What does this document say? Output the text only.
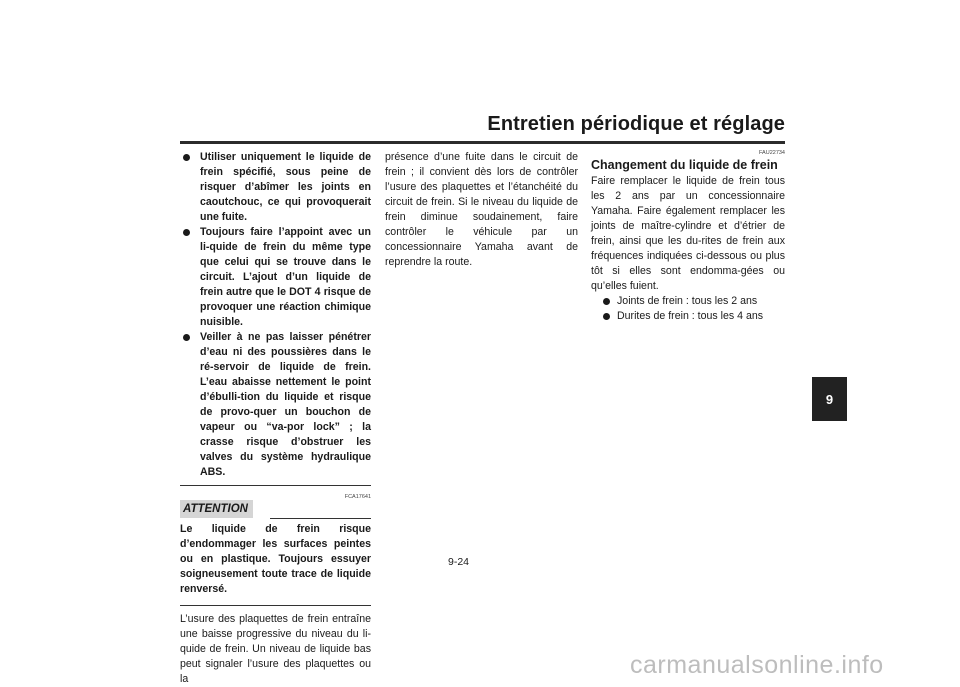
Entretien périodique et réglage
9
Utiliser uniquement le liquide de frein spécifié, sous peine de risquer d’abîmer les joints en caoutchouc, ce qui provoquerait une fuite.
Toujours faire l’appoint avec un li-quide de frein du même type que celui qui se trouve dans le circuit. L’ajout d’un liquide de frein autre que le DOT 4 risque de provoquer une réaction chimique nuisible.
Veiller à ne pas laisser pénétrer d’eau ni des poussières dans le ré-servoir de liquide de frein. L’eau abaisse nettement le point d’ébulli-tion du liquide et risque de provo-quer un bouchon de vapeur ou “va-por lock” ; la crasse risque d’obstruer les valves du système hydraulique ABS.
FCA17641
ATTENTION

Le liquide de frein risque d’endommager les surfaces peintes ou en plastique. Toujours essuyer soigneusement toute trace de liquide renversé.

L’usure des plaquettes de frein entraîne une baisse progressive du niveau du li-quide de frein. Un niveau de liquide bas peut signaler l’usure des plaquettes ou la

présence d’une fuite dans le circuit de frein ; il convient dès lors de contrôler l’usure des plaquettes et l’étanchéité du circuit de frein. Si le niveau du liquide de frein diminue soudainement, faire contrôler le véhicule par un concessionnaire Yamaha avant de reprendre la route.

FAU22734
Changement du liquide de frein

Faire remplacer le liquide de frein tous les 2 ans par un concessionnaire Yamaha. Faire également remplacer les joints de maître-cylindre et d’étrier de frein, ainsi que les du-rites de frein aux fréquences indiquées ci-dessous ou plus tôt si elles sont endomma-gées ou qu’elles fuient.

Joints de frein : tous les 2 ans
Durites de frein : tous les 4 ans
9-24
carmanualsonline.info
